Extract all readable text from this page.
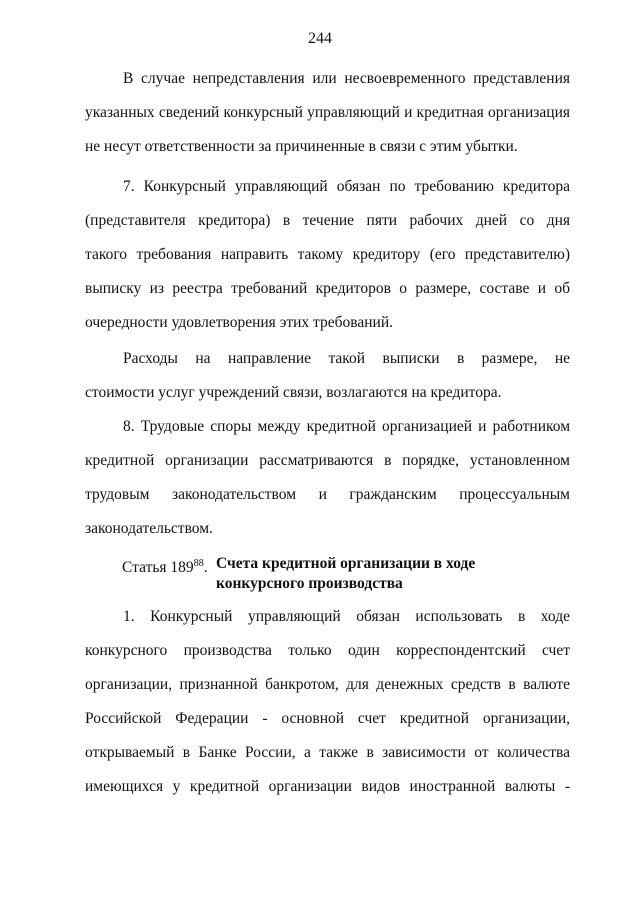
244
В случае непредставления или несвоевременного представления
указанных сведений конкурсный управляющий и кредитная организация
не несут ответственности за причиненные в связи с этим убытки.
7. Конкурсный управляющий обязан по требованию кредитора
(представителя кредитора) в течение пяти рабочих дней со дня
такого требования направить такому кредитору (его представителю)
выписку из реестра требований кредиторов о размере, составе и об
очередности удовлетворения этих требований.
Расходы на направление такой выписки в размере, не
стоимости услуг учреждений связи, возлагаются на кредитора.
8. Трудовые споры между кредитной организацией и работником
кредитной организации рассматриваются в порядке, установленном
трудовым законодательством и гражданским процессуальным
законодательством.
Статья $189^{88}$. Счета кредитной организации в ходе конкурсного производства
1. Конкурсный управляющий обязан использовать в ходе
конкурсного производства только один корреспондентский счет
организации, признанной банкротом, для денежных средств в валюте
Российской Федерации - основной счет кредитной организации,
открываемый в Банке России, а также в зависимости от количества
имеющихся у кредитной организации видов иностранной валюты -
